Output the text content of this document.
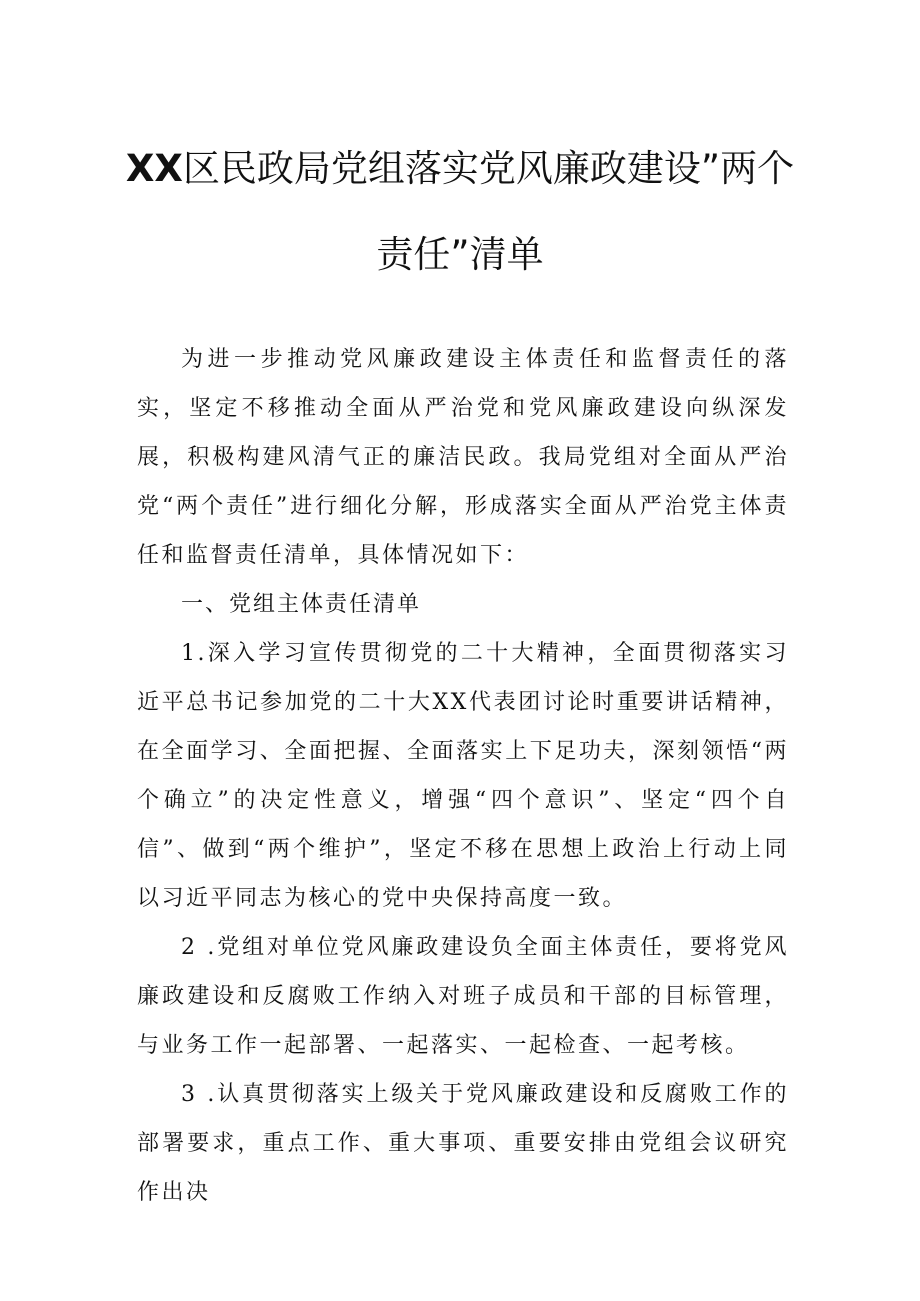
XX区民政局党组落实党风廉政建设”两个
责任”清单

为进一步推动党风廉政建设主体责任和监督责任的落实，坚定不移推动全面从严治党和党风廉政建设向纵深发展，积极构建风清气正的廉洁民政。我局党组对全面从严治党“两个责任”进行细化分解，形成落实全面从严治党主体责任和监督责任清单，具体情况如下：

一、党组主体责任清单

1.深入学习宣传贯彻党的二十大精神，全面贯彻落实习近平总书记参加党的二十大XX代表团讨论时重要讲话精神，在全面学习、全面把握、全面落实上下足功夫，深刻领悟“两个确立”的决定性意义，增强“四个意识”、坚定“四个自信”、做到“两个维护”，坚定不移在思想上政治上行动上同以习近平同志为核心的党中央保持高度一致。

2 .党组对单位党风廉政建设负全面主体责任，要将党风廉政建设和反腐败工作纳入对班子成员和干部的目标管理，与业务工作一起部署、一起落实、一起检查、一起考核。

3 .认真贯彻落实上级关于党风廉政建设和反腐败工作的部署要求，重点工作、重大事项、重要安排由党组会议研究作出决
